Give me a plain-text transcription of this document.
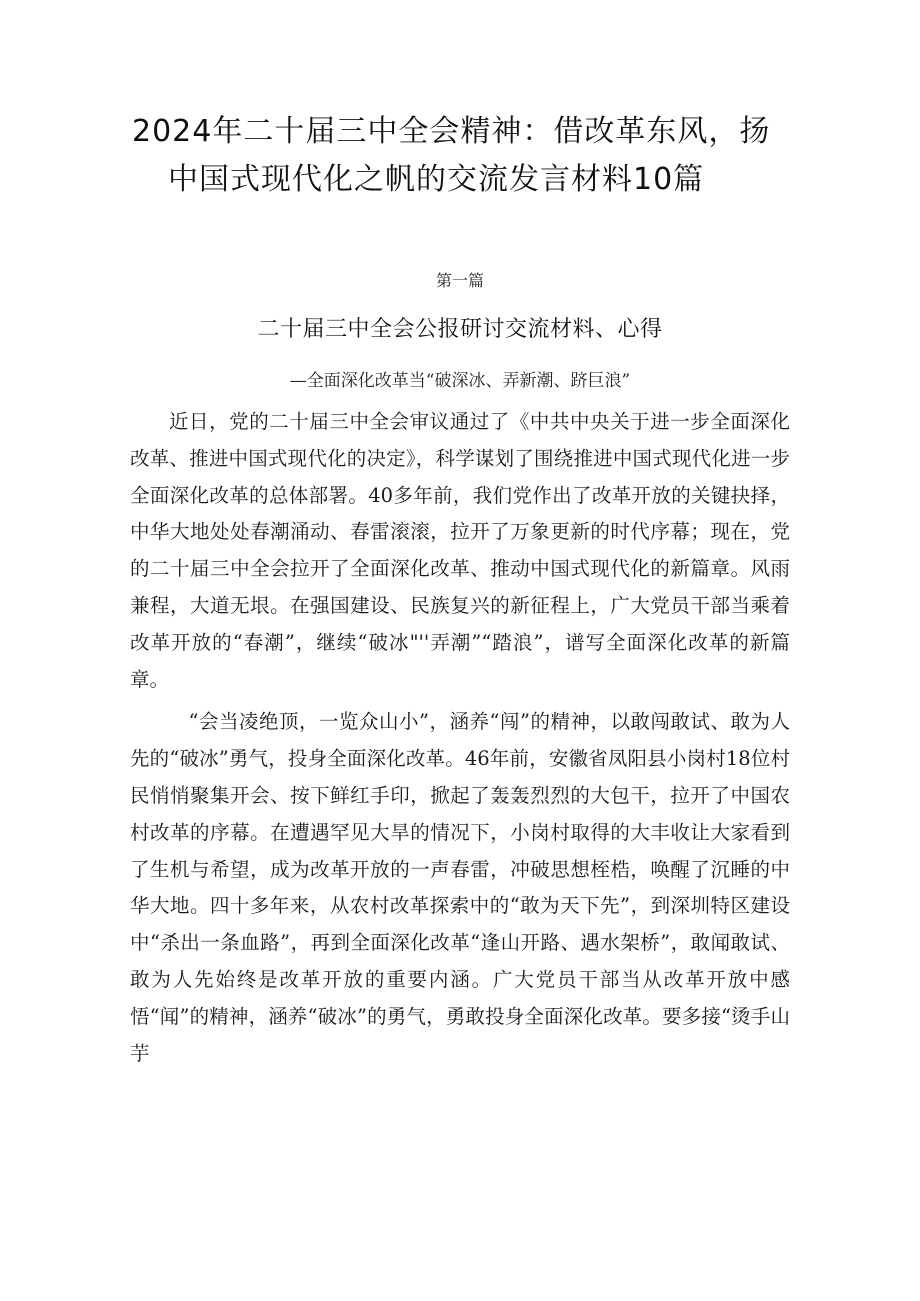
2024年二十届三中全会精神：借改革东风，扬
中国式现代化之帆的交流发言材料10篇
第一篇
二十届三中全会公报研讨交流材料、心得
—全面深化改革当“破深冰、弄新潮、跻巨浪”

近日，党的二十届三中全会审议通过了《中共中央关于进一步全面深化改革、推进中国式现代化的决定》，科学谋划了围绕推进中国式现代化进一步全面深化改革的总体部署。40多年前，我们党作出了改革开放的关键抉择，中华大地处处春潮涌动、春雷滚滚，拉开了万象更新的时代序幕；现在，党的二十届三中全会拉开了全面深化改革、推动中国式现代化的新篇章。风雨兼程，大道无垠。在强国建设、民族复兴的新征程上，广大党员干部当乘着改革开放的“春潮”，继续“破冰"''弄潮”“踏浪”，谱写全面深化改革的新篇章。

“会当凌绝顶，一览众山小”，涵养“闯”的精神，以敢闯敢试、敢为人先的“破冰”勇气，投身全面深化改革。46年前，安徽省凤阳县小岗村18位村民悄悄聚集开会、按下鲜红手印，掀起了轰轰烈烈的大包干，拉开了中国农村改革的序幕。在遭遇罕见大旱的情况下，小岗村取得的大丰收让大家看到了生机与希望，成为改革开放的一声春雷，冲破思想桎梏，唤醒了沉睡的中华大地。四十多年来，从农村改革探索中的“敢为天下先”，到深圳特区建设中“杀出一条血路”，再到全面深化改革“逢山开路、遇水架桥”，敢闻敢试、敢为人先始终是改革开放的重要内涵。广大党员干部当从改革开放中感悟“闻”的精神，涵养“破冰”的勇气，勇敢投身全面深化改革。要多接“烫手山芋
